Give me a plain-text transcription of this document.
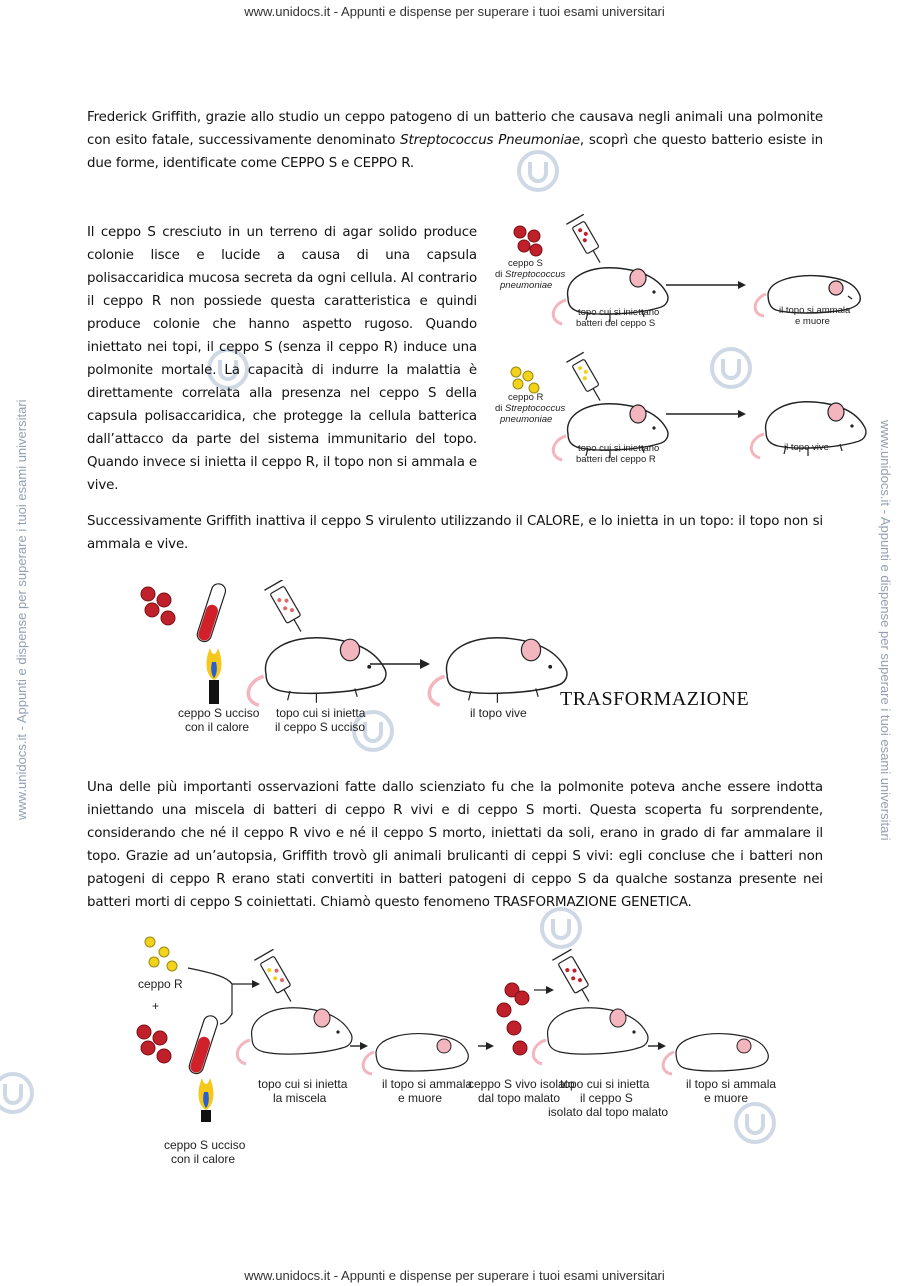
www.unidocs.it - Appunti e dispense per superare i tuoi esami universitari
www.unidocs.it - Appunti e dispense per superare i tuoi esami universitari
www.unidocs.it - Appunti e dispense per superare i tuoi esami universitari	www.unidocs.it - Appunti e dispense per superare i tuoi esami universitari
Frederick Griffith, grazie allo studio un ceppo patogeno di un batterio che causava negli animali una polmonite con esito fatale, successivamente denominato Streptococcus Pneumoniae, scoprì che questo batterio esiste in due forme, identificate come CEPPO S e CEPPO R.
Il ceppo S cresciuto in un terreno di agar solido produce colonie lisce e lucide a causa di una capsula polisaccaridica mucosa secreta da ogni cellula. Al contrario il ceppo R non possiede questa caratteristica e quindi produce colonie che hanno aspetto rugoso. Quando iniettato nei topi, il ceppo S (senza il ceppo R) induce una polmonite mortale. La capacità di indurre la malattia è direttamente correlata alla presenza nel ceppo S della capsula polisaccaridica, che protegge la cellula batterica dall’attacco da parte del sistema immunitario del topo. Quando invece si inietta il ceppo R, il topo non si ammala e vive.
ceppo S
di Streptococcus
pneumoniae
topo cui si iniettano
batteri del ceppo S
il topo si ammala
e muore
ceppo R
di Streptococcus
pneumoniae
topo cui si iniettano
batteri del ceppo R
il topo vive
Successivamente Griffith inattiva il ceppo S virulento utilizzando il CALORE, e lo inietta in un topo: il topo non si ammala e vive.
ceppo S ucciso
con il calore
topo cui si inietta
il ceppo S ucciso
il topo vive
TRASFORMAZIONE
Una delle più importanti osservazioni fatte dallo scienziato fu che la polmonite poteva anche essere indotta iniettando una miscela di batteri di ceppo R vivi e di ceppo S morti. Questa scoperta fu sorprendente, considerando che né il ceppo R vivo e né il ceppo S morto, iniettati da soli, erano in grado di far ammalare il topo. Grazie ad un’autopsia, Griffith trovò gli animali brulicanti di ceppi S vivi: egli concluse che i batteri non patogeni di ceppo R erano stati convertiti in batteri patogeni di ceppo S da qualche sostanza presente nei batteri morti di ceppo S coiniettati. Chiamò questo fenomeno TRASFORMAZIONE GENETICA.
ceppo R
+
ceppo S ucciso
con il calore
topo cui si inietta
la miscela
il topo si ammala
e muore
ceppo S vivo isolato
dal topo malato
topo cui si inietta
il ceppo S
isolato dal topo malato
il topo si ammala
e muore
